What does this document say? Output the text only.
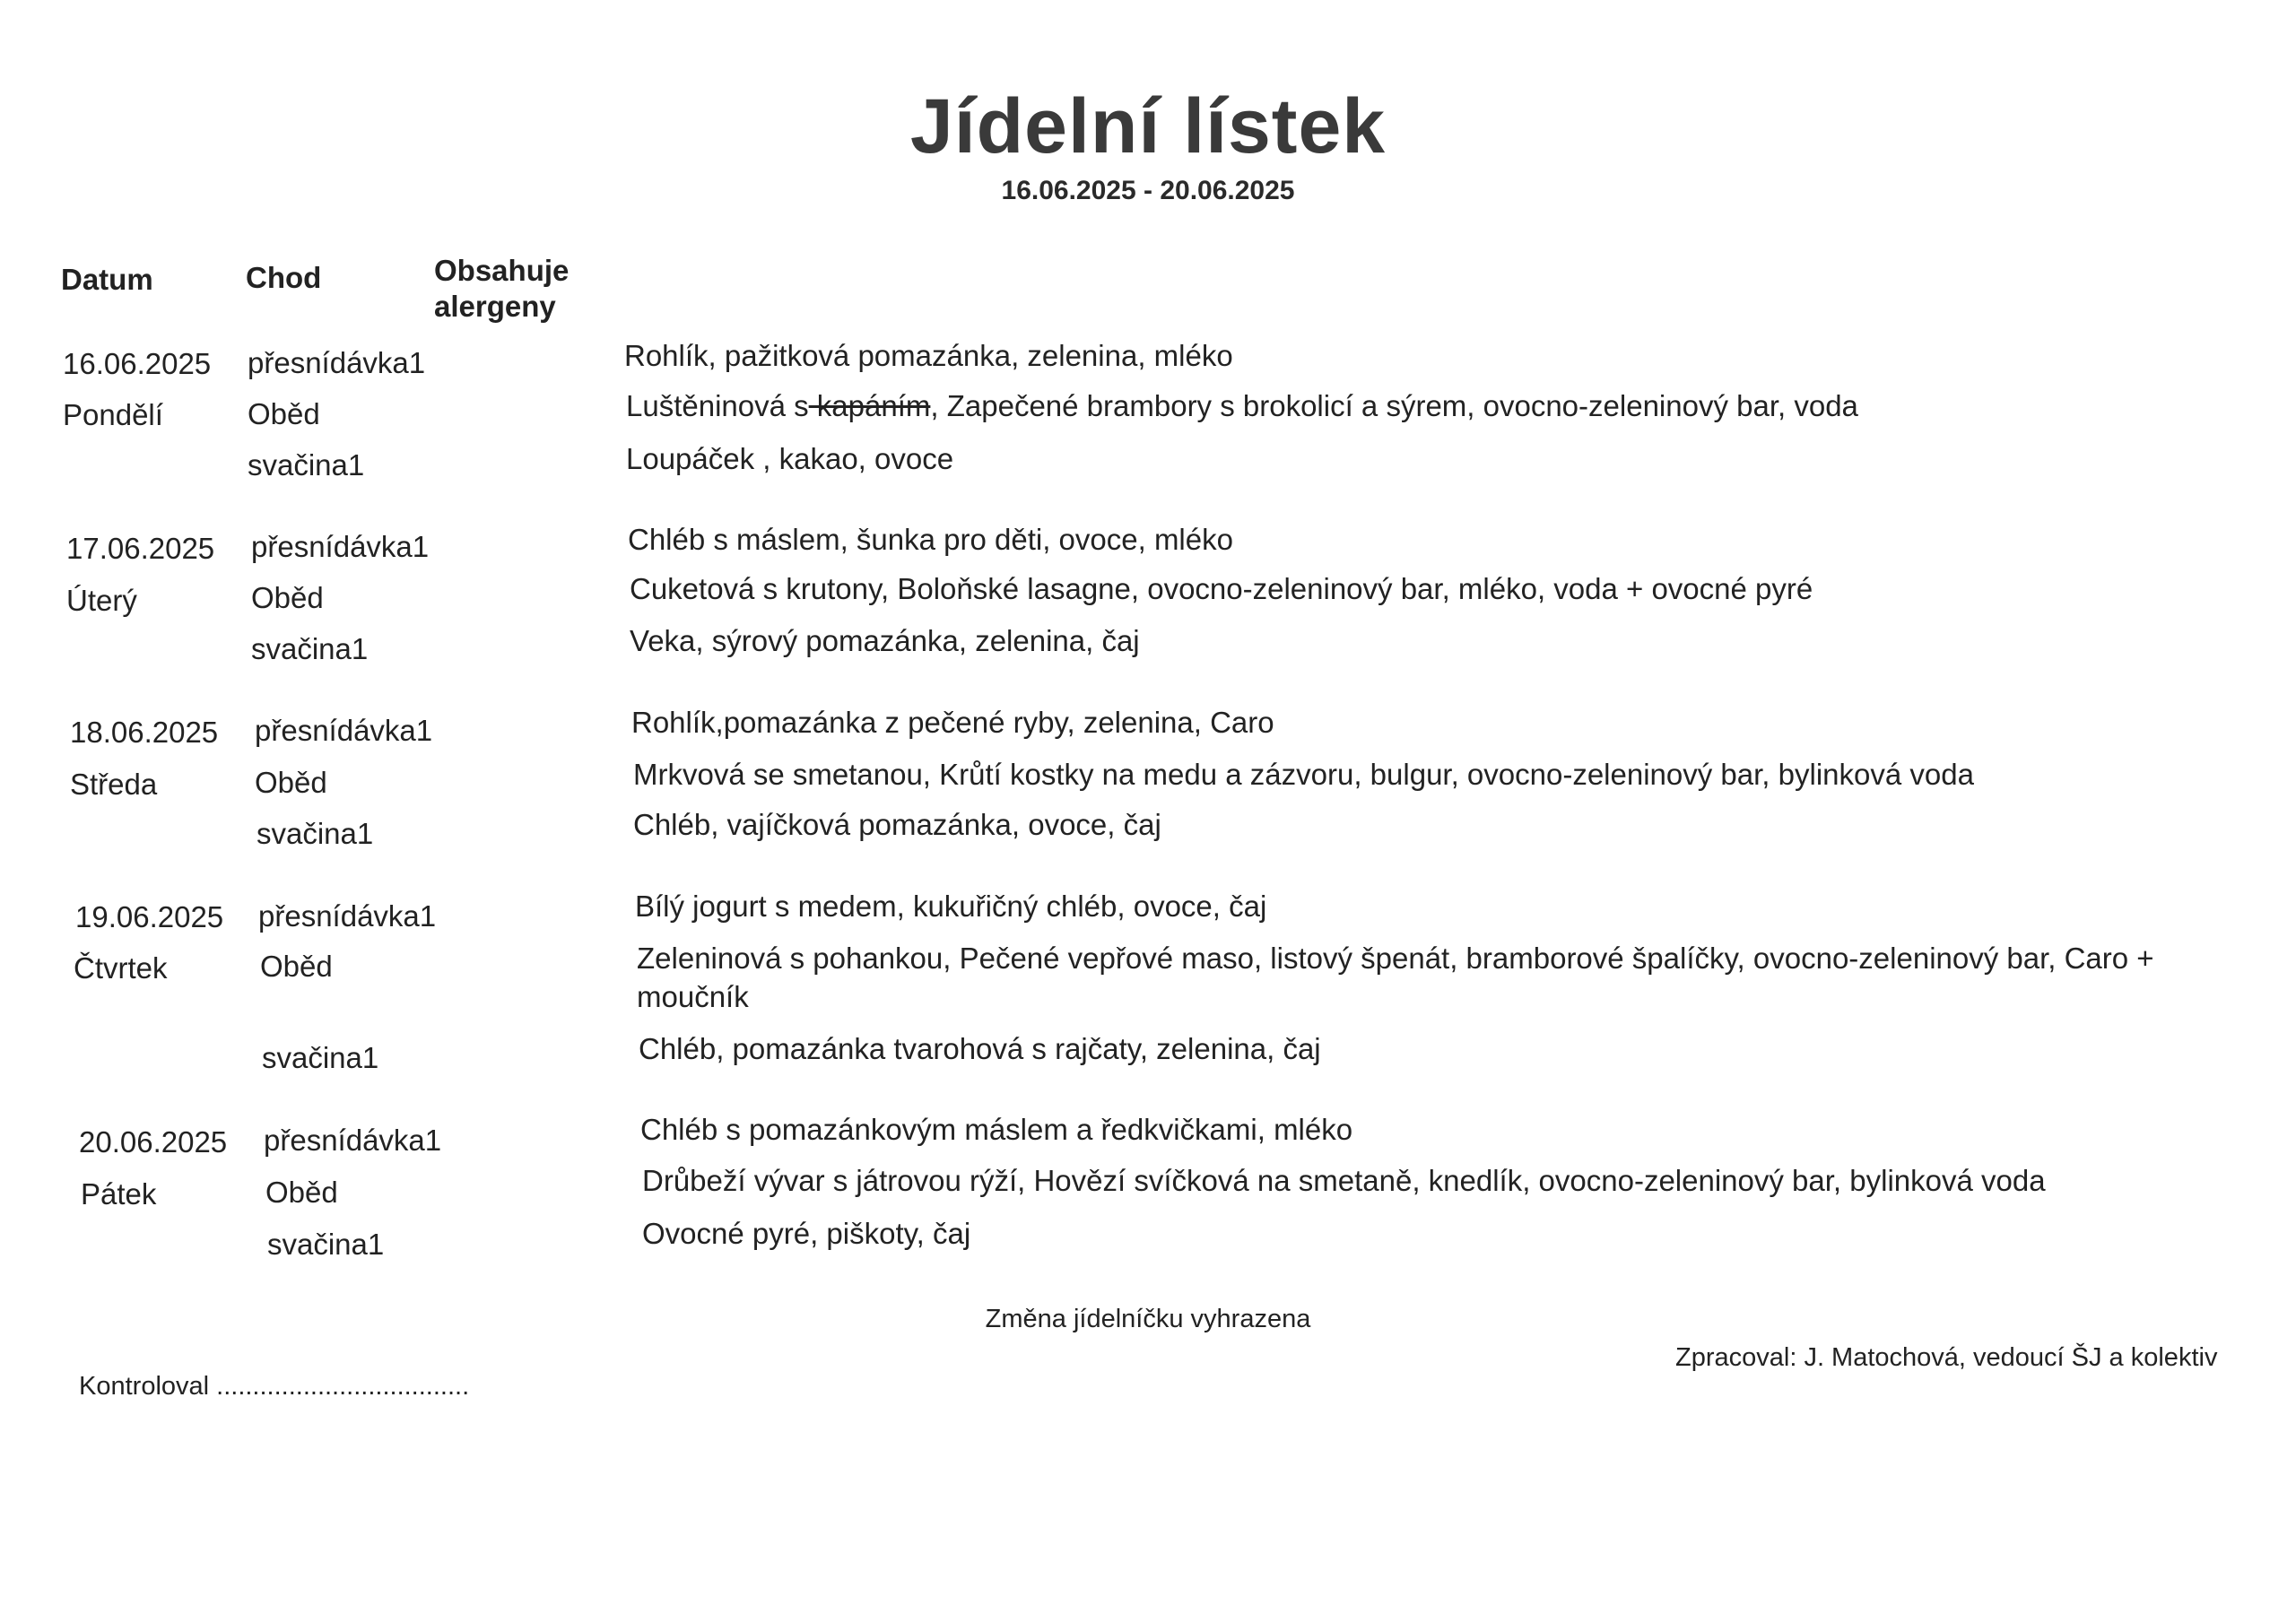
Jídelní lístek
16.06.2025 - 20.06.2025
Datum	Chod	Obsahuje
alergeny
16.06.2025
Pondělí
přesnídávka1
Oběd
svačina1
Rohlík, pažitková pomazánka, zelenina, mléko
Luštěninová s kapáním, Zapečené brambory s brokolicí a sýrem, ovocno-zeleninový bar, voda
Loupáček , kakao, ovoce
17.06.2025
Úterý
přesnídávka1
Oběd
svačina1
Chléb s máslem, šunka pro děti, ovoce, mléko
Cuketová s krutony, Boloňské lasagne, ovocno-zeleninový bar, mléko, voda + ovocné pyré
Veka, sýrový pomazánka, zelenina, čaj
18.06.2025
Středa
přesnídávka1
Oběd
svačina1
Rohlík,pomazánka z pečené ryby, zelenina, Caro
Mrkvová se smetanou, Krůtí kostky na medu a zázvoru, bulgur, ovocno-zeleninový bar, bylinková voda
Chléb, vajíčková pomazánka, ovoce, čaj
19.06.2025
Čtvrtek
přesnídávka1
Oběd
svačina1
Bílý jogurt s medem, kukuřičný chléb, ovoce, čaj
Zeleninová s pohankou, Pečené vepřové maso, listový špenát, bramborové špalíčky, ovocno-zeleninový bar, Caro +
moučník
Chléb, pomazánka tvarohová s rajčaty, zelenina, čaj
20.06.2025
Pátek
přesnídávka1
Oběd
svačina1
Chléb s pomazánkovým máslem a ředkvičkami, mléko
Drůbeží vývar s játrovou rýží, Hovězí svíčková na smetaně, knedlík, ovocno-zeleninový bar, bylinková voda
Ovocné pyré, piškoty, čaj
Změna jídelníčku vyhrazena
Kontroloval ...................................
Zpracoval: J. Matochová, vedoucí ŠJ a kolektiv
